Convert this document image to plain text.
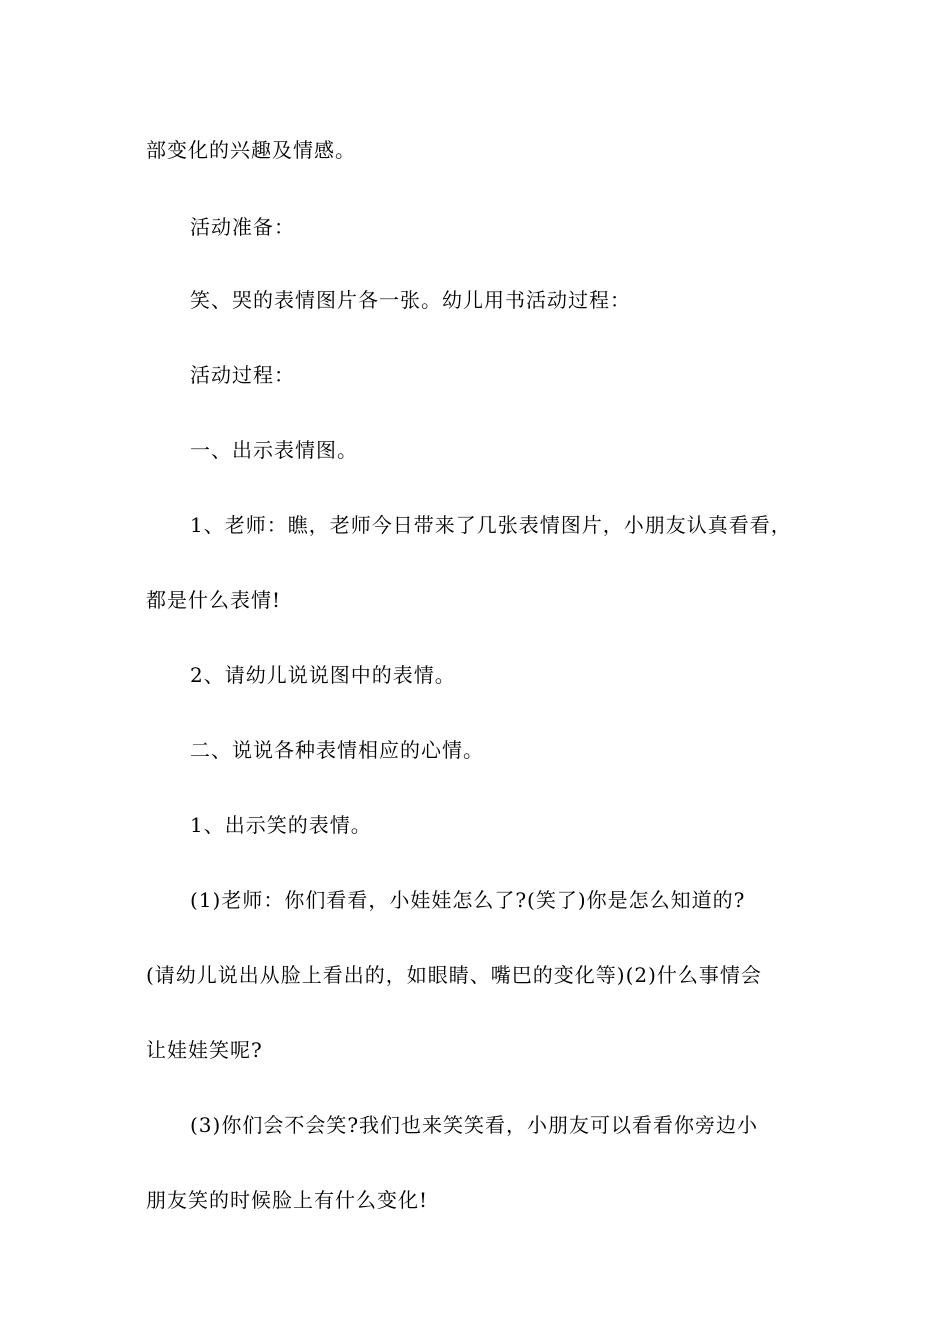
部变化的兴趣及情感。
活动准备：
笑、哭的表情图片各一张。幼儿用书活动过程：
活动过程：
一、出示表情图。
1、老师：瞧，老师今日带来了几张表情图片，小朋友认真看看，
都是什么表情!
2、请幼儿说说图中的表情。
二、说说各种表情相应的心情。
1、出示笑的表情。
(1)老师：你们看看，小娃娃怎么了?(笑了)你是怎么知道的?
(请幼儿说出从脸上看出的，如眼睛、嘴巴的变化等)(2)什么事情会
让娃娃笑呢?
(3)你们会不会笑?我们也来笑笑看，小朋友可以看看你旁边小
朋友笑的时候脸上有什么变化!
